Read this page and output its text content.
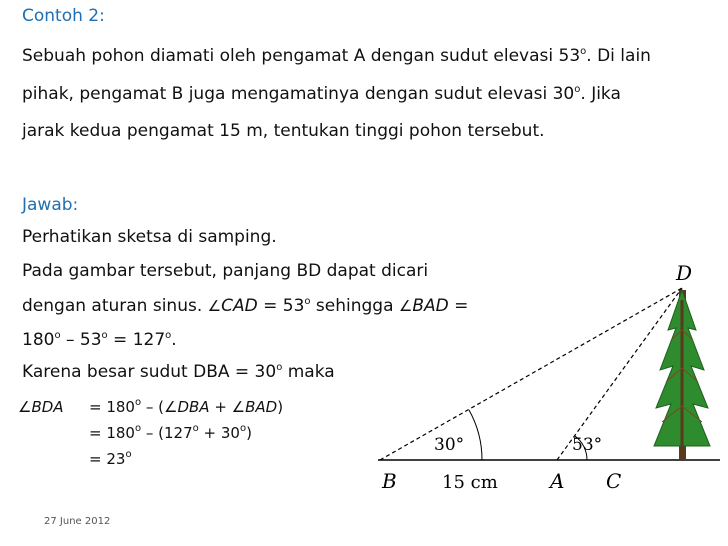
Contoh 2:
Sebuah pohon diamati oleh pengamat A dengan sudut elevasi 53$^o$. Di lain
pihak, pengamat B juga mengamatinya dengan sudut elevasi 30$^o$. Jika
jarak kedua pengamat 15 m, tentukan tinggi pohon tersebut.
Jawab:
Perhatikan sketsa di samping.
Pada gambar tersebut, panjang BD dapat dicari
dengan aturan sinus. ∠CAD = $53^o$ sehingga ∠BAD =
$180^o - 53^o = 127^o$.
Karena besar sudut DBA = $30^o$ maka
∠BDA = $180^o$ – (∠DBA + ∠BAD)
= $180^o - (127^o + 30^o)$
= $23^o$
27 June 2012
D
B	A C
15 cm
30°	53°
